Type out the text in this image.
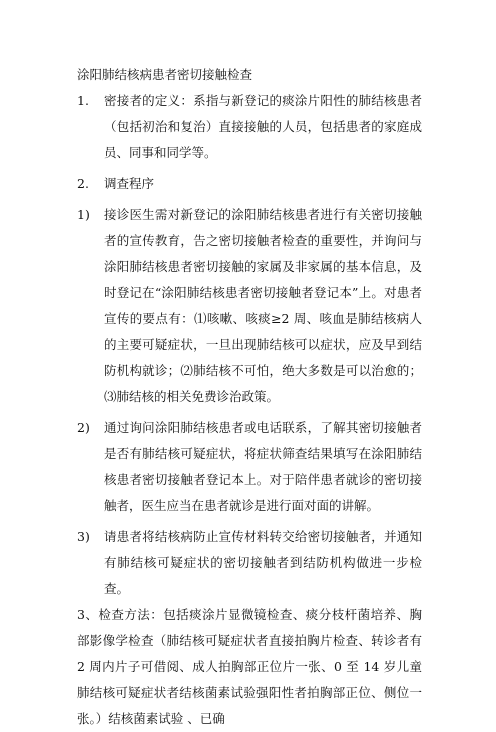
涂阳肺结核病患者密切接触检查

1.	密接者的定义：系指与新登记的痰涂片阳性的肺结核患者（包括初治和复治）直接接触的人员，包括患者的家庭成员、同事和同学等。

2.	调查程序

1)	接诊医生需对新登记的涂阳肺结核患者进行有关密切接触者的宣传教育，告之密切接触者检查的重要性，并询问与涂阳肺结核患者密切接触的家属及非家属的基本信息，及时登记在“涂阳肺结核患者密切接触者登记本”上。对患者宣传的要点有：⑴咳嗽、咳痰≥2 周、咳血是肺结核病人的主要可疑症状，一旦出现肺结核可以症状，应及早到结防机构就诊；⑵肺结核不可怕，绝大多数是可以治愈的；⑶肺结核的相关免费诊治政策。

2)	通过询问涂阳肺结核患者或电话联系，了解其密切接触者是否有肺结核可疑症状，将症状筛查结果填写在涂阳肺结核患者密切接触者登记本上。对于陪伴患者就诊的密切接触者，医生应当在患者就诊是进行面对面的讲解。

3)	请患者将结核病防止宣传材料转交给密切接触者，并通知有肺结核可疑症状的密切接触者到结防机构做进一步检查。

3、检查方法：包括痰涂片显微镜检查、痰分枝杆菌培养、胸部影像学检查（肺结核可疑症状者直接拍胸片检查、转诊者有 2 周内片子可借阅、成人拍胸部正位片一张、0 至 14 岁儿童肺结核可疑症状者结核菌素试验强阳性者拍胸部正位、侧位一张。）结核菌素试验 、已确
